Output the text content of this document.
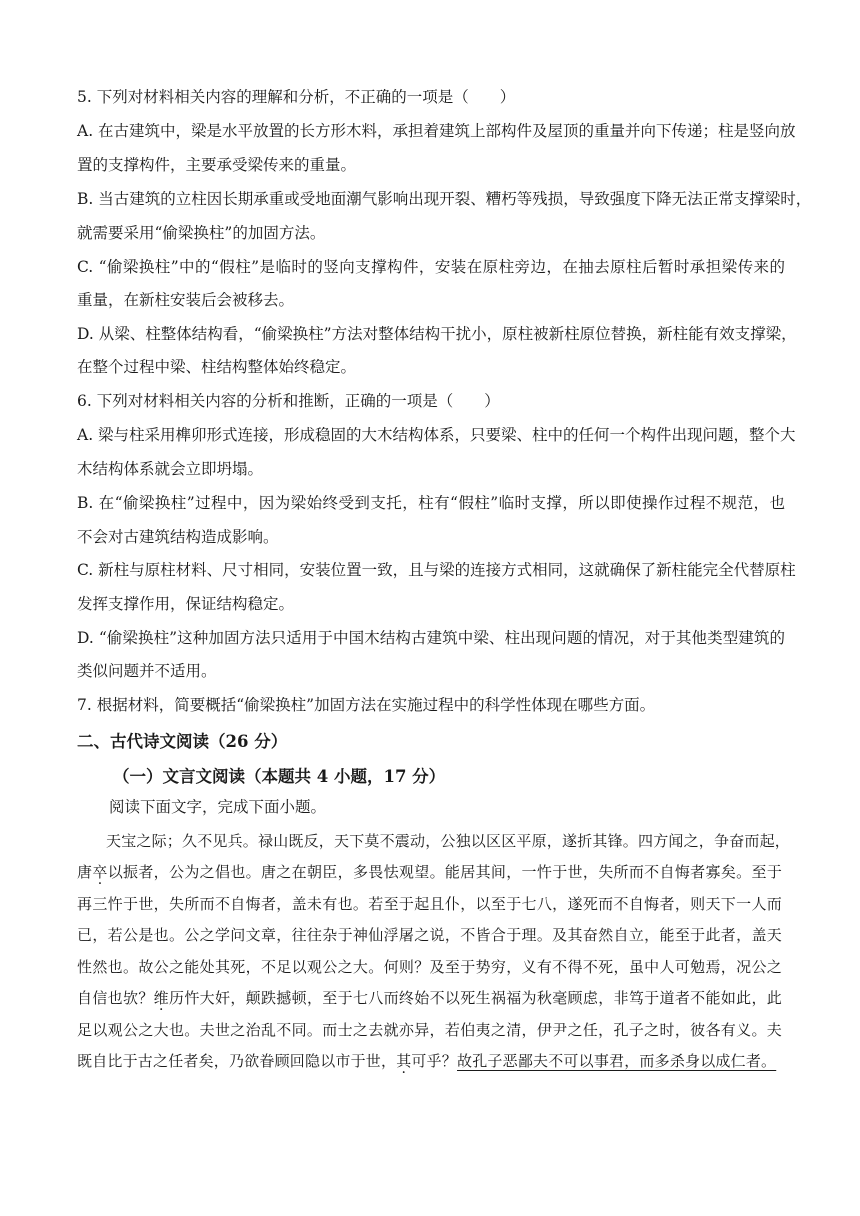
5. 下列对材料相关内容的理解和分析，不正确的一项是（　　）
A. 在古建筑中，梁是水平放置的长方形木料，承担着建筑上部构件及屋顶的重量并向下传递；柱是竖向放
置的支撑构件，主要承受梁传来的重量。
B. 当古建筑的立柱因长期承重或受地面潮气影响出现开裂、糟朽等残损，导致强度下降无法正常支撑梁时，
就需要采用“偷梁换柱”的加固方法。
C. “偷梁换柱”中的“假柱”是临时的竖向支撑构件，安装在原柱旁边，在抽去原柱后暂时承担梁传来的
重量，在新柱安装后会被移去。
D. 从梁、柱整体结构看，“偷梁换柱”方法对整体结构干扰小，原柱被新柱原位替换，新柱能有效支撑梁，
在整个过程中梁、柱结构整体始终稳定。
6. 下列对材料相关内容的分析和推断，正确的一项是（　　）
A. 梁与柱采用榫卯形式连接，形成稳固的大木结构体系，只要梁、柱中的任何一个构件出现问题，整个大
木结构体系就会立即坍塌。
B. 在“偷梁换柱”过程中，因为梁始终受到支托，柱有“假柱”临时支撑，所以即使操作过程不规范，也
不会对古建筑结构造成影响。
C. 新柱与原柱材料、尺寸相同，安装位置一致，且与梁的连接方式相同，这就确保了新柱能完全代替原柱
发挥支撑作用，保证结构稳定。
D. “偷梁换柱”这种加固方法只适用于中国木结构古建筑中梁、柱出现问题的情况，对于其他类型建筑的
类似问题并不适用。
7. 根据材料，简要概括“偷梁换柱”加固方法在实施过程中的科学性体现在哪些方面。
二、古代诗文阅读（26 分）
（一）文言文阅读（本题共 4 小题，17 分）
阅读下面文字，完成下面小题。
天宝之际；久不见兵。禄山既反，天下莫不震动，公独以区区平原，遂折其锋。四方闻之，争奋而起，
唐卒以振者，公为之倡也。唐之在朝臣，多畏怯观望。能居其间，一忤于世，失所而不自悔者寡矣。至于
再三忤于世，失所而不自悔者，盖未有也。若至于起且仆，以至于七八，遂死而不自悔者，则天下一人而
已，若公是也。公之学问文章，往往杂于神仙浮屠之说，不皆合于理。及其奋然自立，能至于此者，盖天
性然也。故公之能处其死，不足以观公之大。何则？及至于势穷，义有不得不死，虽中人可勉焉，况公之
自信也欤？维历忤大奸，颠跌撼顿，至于七八而终始不以死生祸福为秋毫顾虑，非笃于道者不能如此，此
足以观公之大也。夫世之治乱不同。而士之去就亦异，若伯夷之清，伊尹之任，孔子之时，彼各有义。夫
既自比于古之任者矣，乃欲眷顾回隐以市于世，其可乎？故孔子恶鄙夫不可以事君，而多杀身以成仁者。
